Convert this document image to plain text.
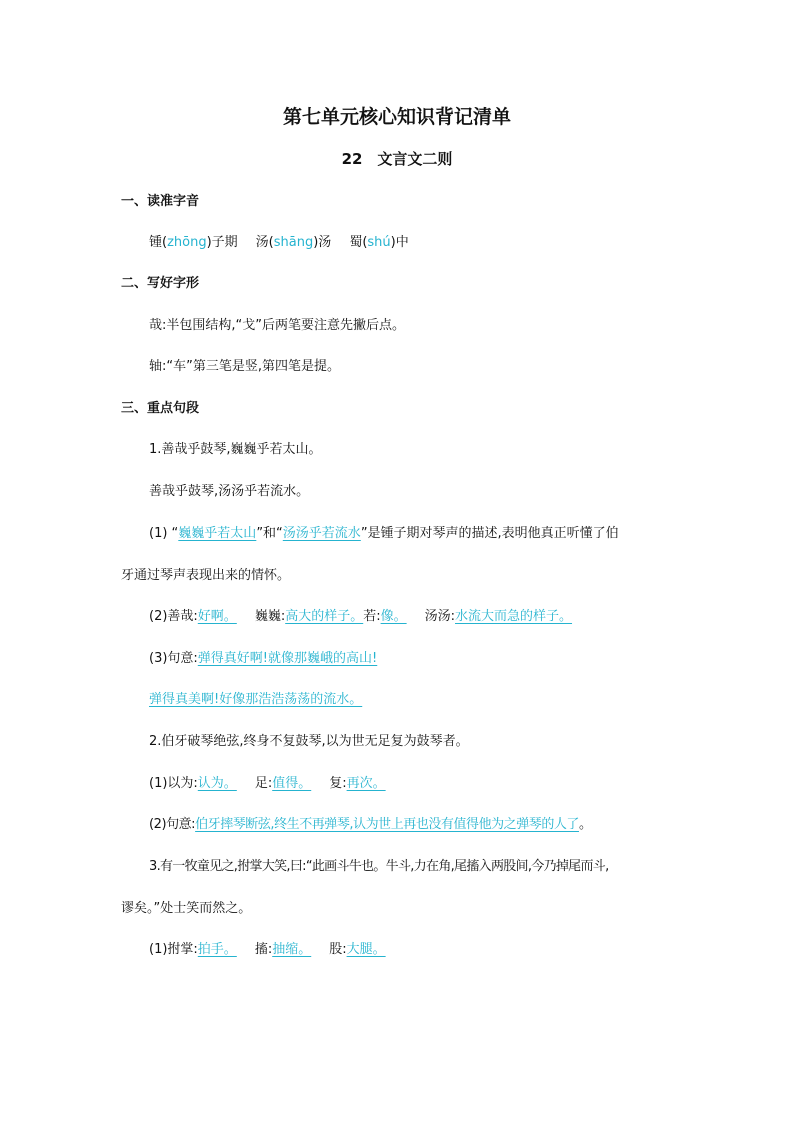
第七单元核心知识背记清单
22　文言文二则
一、读准字音
锺(zhōng)子期 汤(shāng)汤 蜀(shú)中
二、写好字形
哉:半包围结构,“戈”后两笔要注意先撇后点。
轴:“车”第三笔是竖,第四笔是提。
三、重点句段
1.善哉乎鼓琴,巍巍乎若太山。
善哉乎鼓琴,汤汤乎若流水。
(1) “巍巍乎若太山”和“汤汤乎若流水”是锺子期对琴声的描述,表明他真正听懂了伯
牙通过琴声表现出来的情怀。
(2)善哉:好啊。 巍巍:高大的样子。若:像。 汤汤:水流大而急的样子。
(3)句意:弹得真好啊!就像那巍峨的高山!
弹得真美啊!好像那浩浩荡荡的流水。
2.伯牙破琴绝弦,终身不复鼓琴,以为世无足复为鼓琴者。
(1)以为:认为。 足:值得。 复:再次。
(2)句意:伯牙摔琴断弦,终生不再弹琴,认为世上再也没有值得他为之弹琴的人了。
3.有一牧童见之,拊掌大笑,曰:“此画斗牛也。牛斗,力在角,尾搐入两股间,今乃掉尾而斗,
谬矣。”处士笑而然之。
(1)拊掌:拍手。 搐:抽缩。 股:大腿。
